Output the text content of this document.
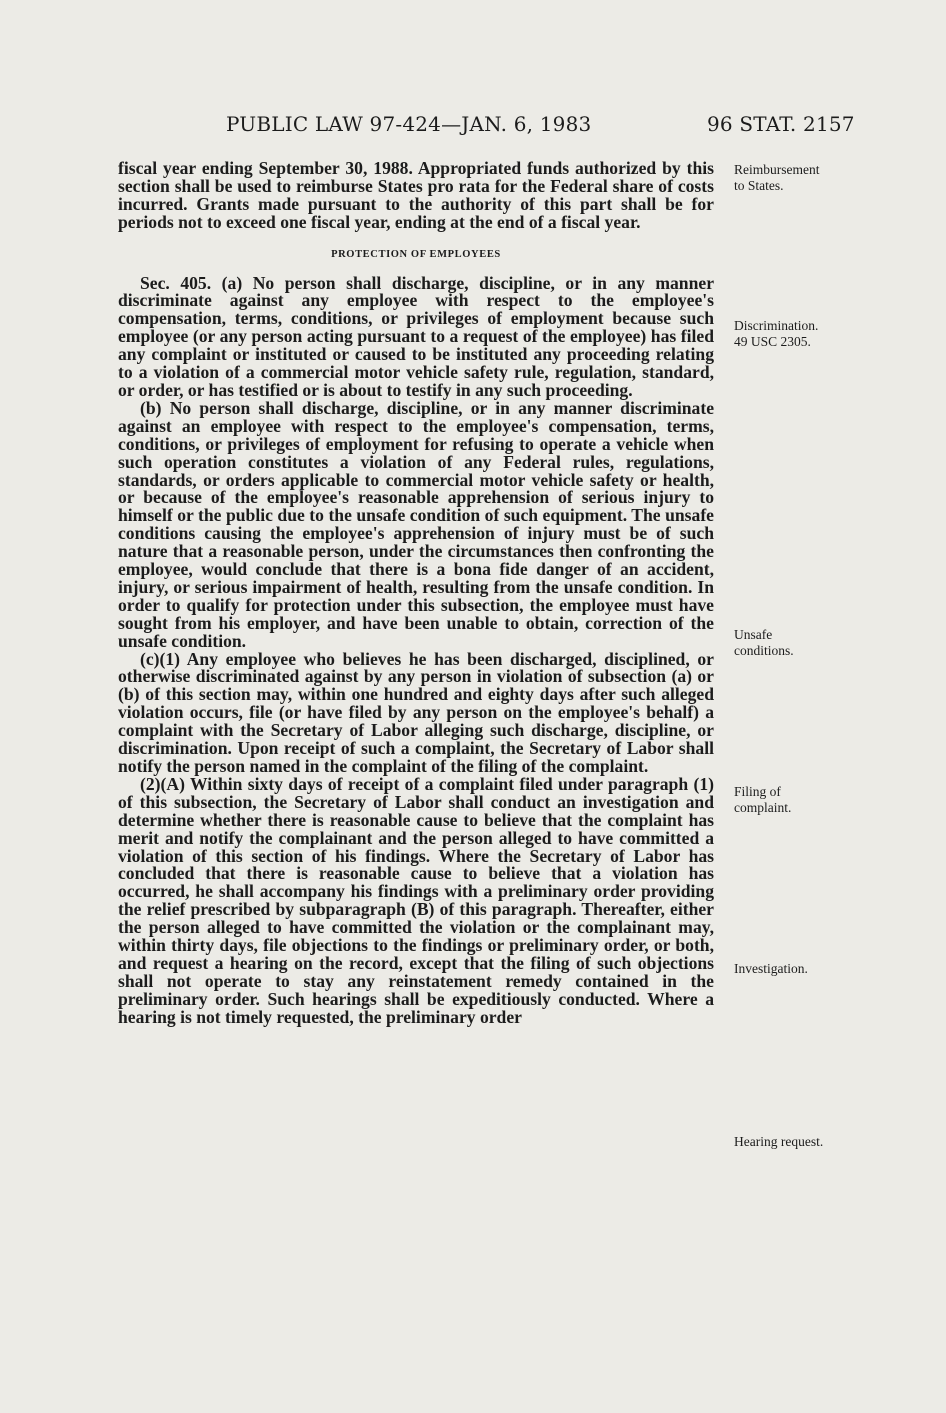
PUBLIC LAW 97-424—JAN. 6, 1983	96 STAT. 2157

fiscal year ending September 30, 1988. Appropriated funds authorized by this section shall be used to reimburse States pro rata for the Federal share of costs incurred. Grants made pursuant to the authority of this part shall be for periods not to exceed one fiscal year, ending at the end of a fiscal year.

PROTECTION OF EMPLOYEES

Sec. 405. (a) No person shall discharge, discipline, or in any manner discriminate against any employee with respect to the employee's compensation, terms, conditions, or privileges of employment because such employee (or any person acting pursuant to a request of the employee) has filed any complaint or instituted or caused to be instituted any proceeding relating to a violation of a commercial motor vehicle safety rule, regulation, standard, or order, or has testified or is about to testify in any such proceeding.

(b) No person shall discharge, discipline, or in any manner discriminate against an employee with respect to the employee's compensation, terms, conditions, or privileges of employment for refusing to operate a vehicle when such operation constitutes a violation of any Federal rules, regulations, standards, or orders applicable to commercial motor vehicle safety or health, or because of the employee's reasonable apprehension of serious injury to himself or the public due to the unsafe condition of such equipment. The unsafe conditions causing the employee's apprehension of injury must be of such nature that a reasonable person, under the circumstances then confronting the employee, would conclude that there is a bona fide danger of an accident, injury, or serious impairment of health, resulting from the unsafe condition. In order to qualify for protection under this subsection, the employee must have sought from his employer, and have been unable to obtain, correction of the unsafe condition.

(c)(1) Any employee who believes he has been discharged, disciplined, or otherwise discriminated against by any person in violation of subsection (a) or (b) of this section may, within one hundred and eighty days after such alleged violation occurs, file (or have filed by any person on the employee's behalf) a complaint with the Secretary of Labor alleging such discharge, discipline, or discrimination. Upon receipt of such a complaint, the Secretary of Labor shall notify the person named in the complaint of the filing of the complaint.

(2)(A) Within sixty days of receipt of a complaint filed under paragraph (1) of this subsection, the Secretary of Labor shall conduct an investigation and determine whether there is reasonable cause to believe that the complaint has merit and notify the complainant and the person alleged to have committed a violation of this section of his findings. Where the Secretary of Labor has concluded that there is reasonable cause to believe that a violation has occurred, he shall accompany his findings with a preliminary order providing the relief prescribed by subparagraph (B) of this paragraph. Thereafter, either the person alleged to have committed the violation or the complainant may, within thirty days, file objections to the findings or preliminary order, or both, and request a hearing on the record, except that the filing of such objections shall not operate to stay any reinstatement remedy contained in the preliminary order. Such hearings shall be expeditiously conducted. Where a hearing is not timely requested, the preliminary order

Reimbursement
to States.
Discrimination.
49 USC 2305.
Unsafe
conditions.
Filing of
complaint.
Investigation.
Hearing request.
